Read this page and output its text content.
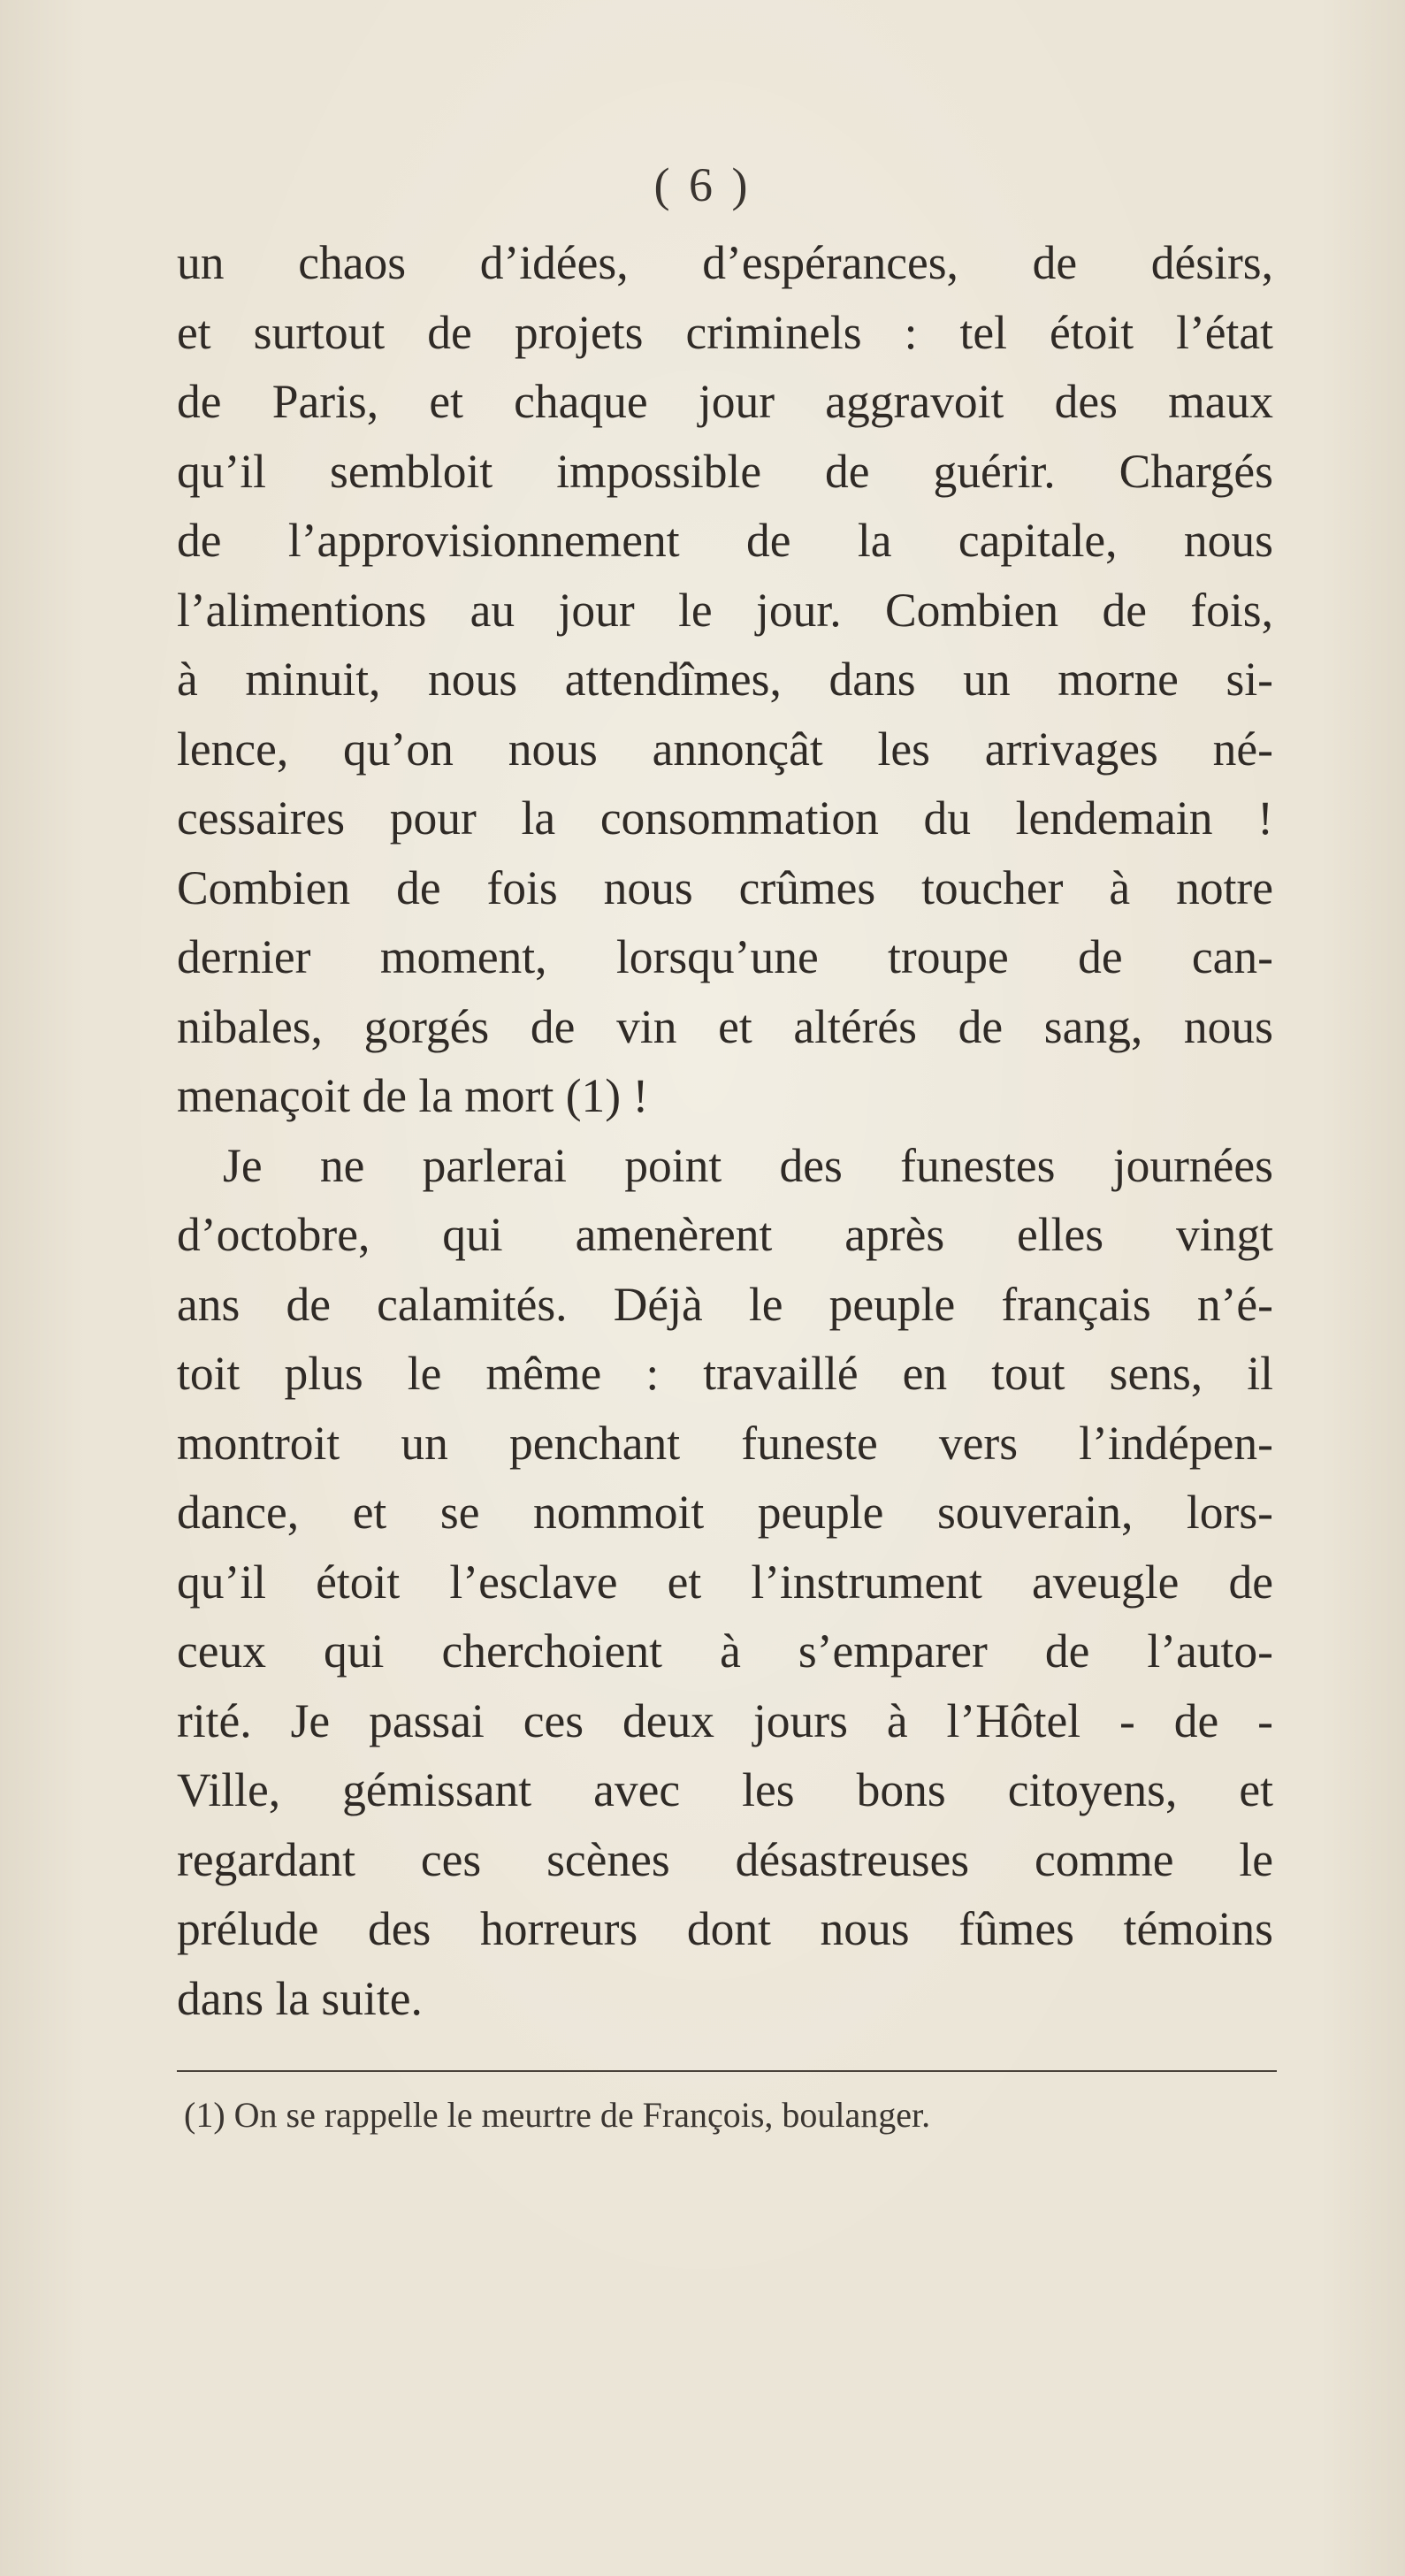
( 6 )
un chaos d’idées, d’espérances, de désirs,
et surtout de projets criminels : tel étoit l’état
de Paris, et chaque jour aggravoit des maux
qu’il sembloit impossible de guérir. Chargés
de l’approvisionnement de la capitale, nous
l’alimentions au jour le jour. Combien de fois,
à minuit, nous attendîmes, dans un morne si-
lence, qu’on nous annonçât les arrivages né-
cessaires pour la consommation du lendemain !
Combien de fois nous crûmes toucher à notre
dernier moment, lorsqu’une troupe de can-
nibales, gorgés de vin et altérés de sang, nous
menaçoit de la mort (1) !
Je ne parlerai point des funestes journées
d’octobre, qui amenèrent après elles vingt
ans de calamités. Déjà le peuple français n’é-
toit plus le même : travaillé en tout sens, il
montroit un penchant funeste vers l’indépen-
dance, et se nommoit peuple souverain, lors-
qu’il étoit l’esclave et l’instrument aveugle de
ceux qui cherchoient à s’emparer de l’auto-
rité. Je passai ces deux jours à l’Hôtel - de -
Ville, gémissant avec les bons citoyens, et
regardant ces scènes désastreuses comme le
prélude des horreurs dont nous fûmes témoins
dans la suite.
(1) On se rappelle le meurtre de François, boulanger.
